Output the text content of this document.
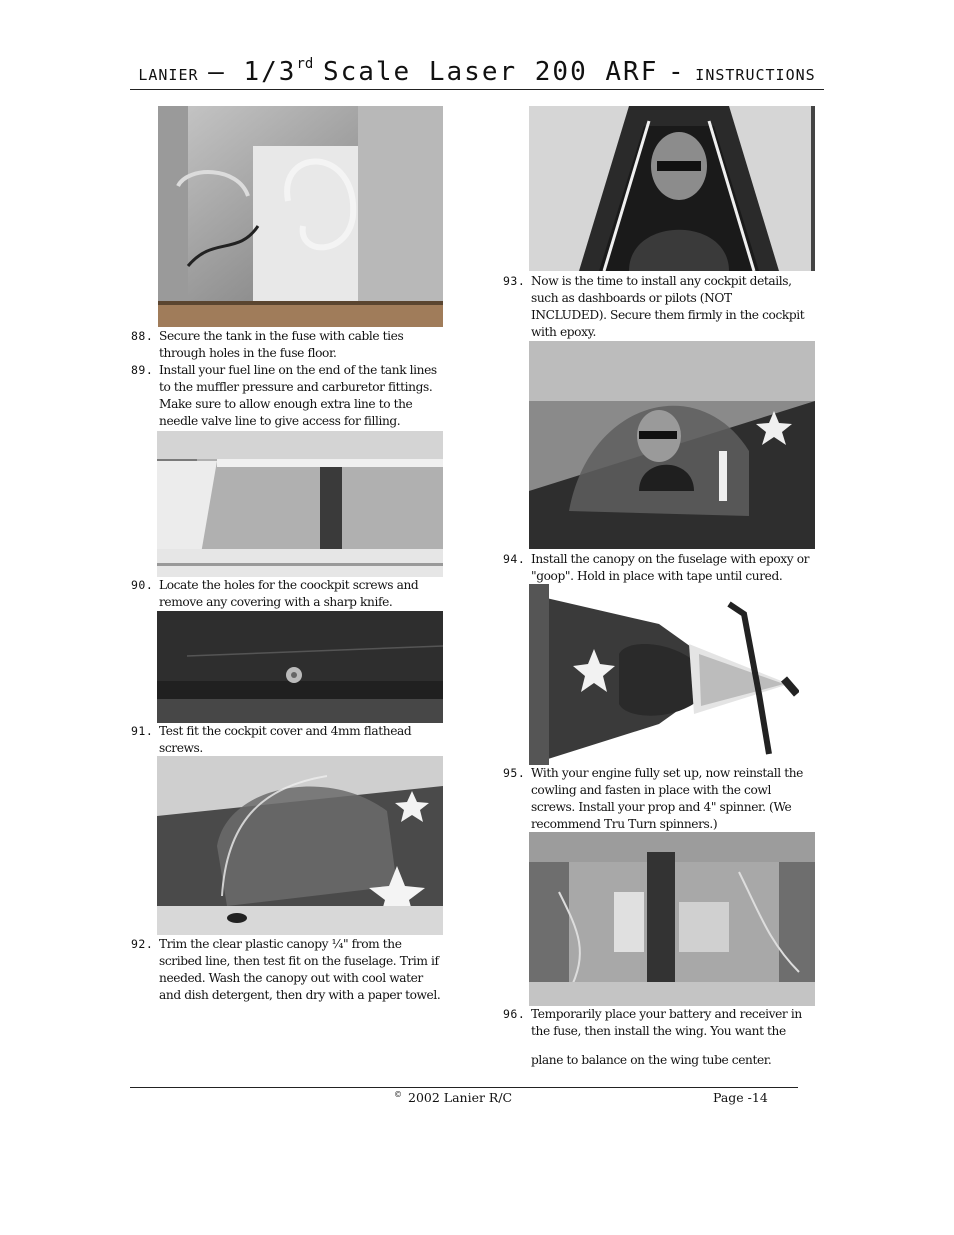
LANIER – 1/3rd Scale Laser 200 ARF - INSTRUCTIONS
88. Secure the tank in the fuse with cable ties
through holes in the fuse floor.
89. Install your fuel line on the end of the tank lines
to the muffler pressure and carburetor fittings.
Make sure to allow enough extra line to the
needle valve line to give access for filling.
90. Locate the holes for the coockpit screws and
remove any covering with a sharp knife.
91. Test fit the cockpit cover and 4mm flathead
screws.
92. Trim the clear plastic canopy ¼" from the
scribed line, then test fit on the fuselage. Trim if
needed. Wash the canopy out with cool water
and dish detergent, then dry with a paper towel.
93. Now is the time to install any cockpit details,
such as dashboards or pilots (NOT
INCLUDED). Secure them firmly in the cockpit
with epoxy.
94. Install the canopy on the fuselage with epoxy or
"goop". Hold in place with tape until cured.
95. With your engine fully set up, now reinstall the
cowling and fasten in place with the cowl
screws. Install your prop and 4" spinner. (We
recommend Tru Turn spinners.)
96. Temporarily place your battery and receiver in
the fuse, then install the wing. You want the
plane to balance on the wing tube center.
© 2002 Lanier R/C	Page -14
